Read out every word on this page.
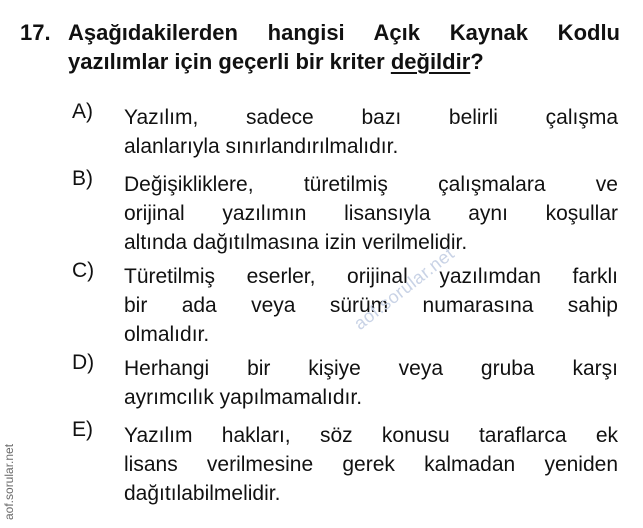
17. Aşağıdakilerden hangisi Açık Kaynak Kodlu yazılımlar için geçerli bir kriter değildir?
A) Yazılım, sadece bazı belirli çalışma
alanlarıyla sınırlandırılmalıdır.
B) Değişikliklere, türetilmiş çalışmalara ve
orijinal yazılımın lisansıyla aynı koşullar
altında dağıtılmasına izin verilmelidir.
C) Türetilmiş eserler, orijinal yazılımdan farklı
bir ada veya sürüm numarasına sahip
olmalıdır.
D) Herhangi bir kişiye veya gruba karşı
ayrımcılık yapılmamalıdır.
E) Yazılım hakları, söz konusu taraflarca ek
lisans verilmesine gerek kalmadan yeniden
dağıtılabilmelidir.
aof.sorular.net
aof.sorular.net
